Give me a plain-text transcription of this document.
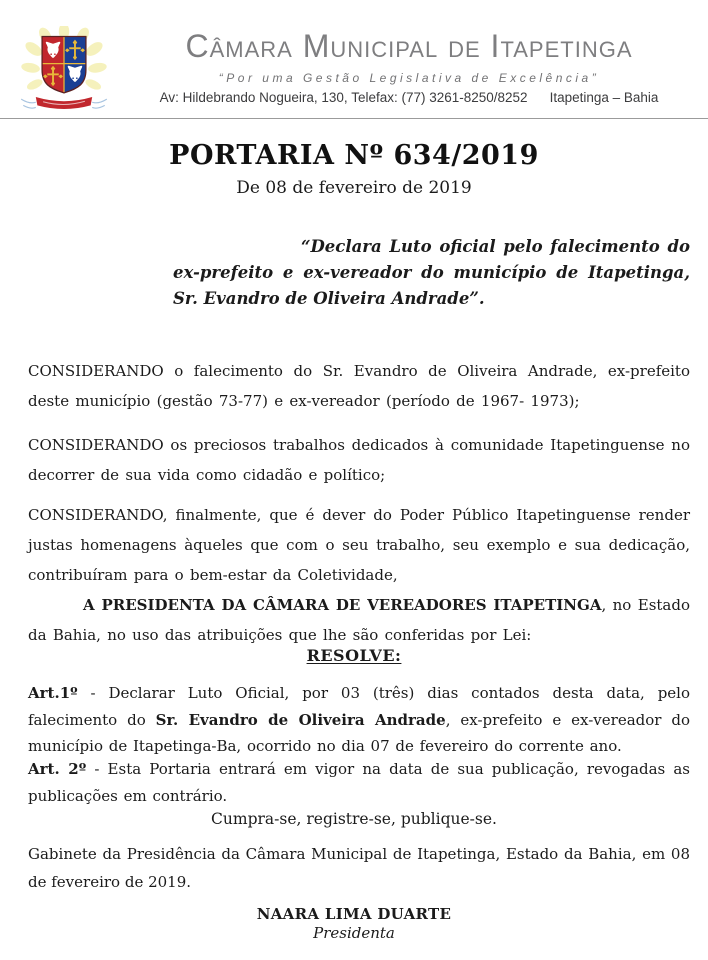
Câmara Municipal de Itapetinga
“Por uma Gestão Legislativa de Excelência”
Av: Hildebrando Nogueira, 130, Telefax: (77) 3261-8250/8252 Itapetinga – Bahia
PORTARIA Nº 634/2019
De 08 de fevereiro de 2019
“Declara Luto oficial pelo falecimento do ex-prefeito e ex-vereador do município de Itapetinga, Sr. Evandro de Oliveira Andrade”.

CONSIDERANDO o falecimento do Sr. Evandro de Oliveira Andrade, ex-prefeito deste município (gestão 73-77) e ex-vereador (período de 1967- 1973);

CONSIDERANDO os preciosos trabalhos dedicados à comunidade Itapetinguense no decorrer de sua vida como cidadão e político;

CONSIDERANDO, finalmente, que é dever do Poder Público Itapetinguense render justas homenagens àqueles que com o seu trabalho, seu exemplo e sua dedicação, contribuíram para o bem-estar da Coletividade,

A PRESIDENTA DA CÂMARA DE VEREADORES ITAPETINGA, no Estado da Bahia, no uso das atribuições que lhe são conferidas por Lei:

RESOLVE:

Art.1º - Declarar Luto Oficial, por 03 (três) dias contados desta data, pelo falecimento do Sr. Evandro de Oliveira Andrade, ex-prefeito e ex-vereador do município de Itapetinga-Ba, ocorrido no dia 07 de fevereiro do corrente ano.

Art. 2º - Esta Portaria entrará em vigor na data de sua publicação, revogadas as publicações em contrário.

Cumpra-se, registre-se, publique-se.

Gabinete da Presidência da Câmara Municipal de Itapetinga, Estado da Bahia, em 08 de fevereiro de 2019.

NAARA LIMA DUARTE
Presidenta
